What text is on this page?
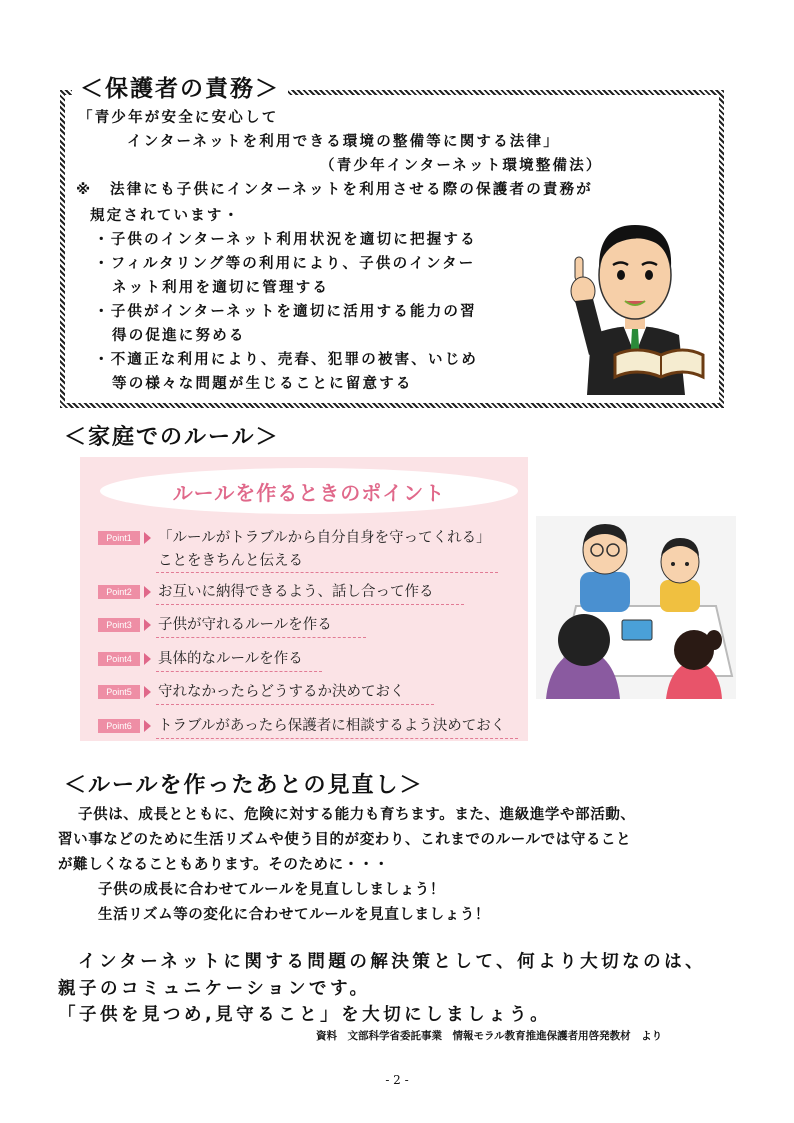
＜保護者の責務＞
「青少年が安全に安心して
インターネットを利用できる環境の整備等に関する法律」
（青少年インターネット環境整備法）
※ 法律にも子供にインターネットを利用させる際の保護者の責務が
規定されています・
・子供のインターネット利用状況を適切に把握する
・フィルタリング等の利用により、子供のインター
ネット利用を適切に管理する
・子供がインターネットを適切に活用する能力の習
得の促進に努める
・不適正な利用により、売春、犯罪の被害、いじめ
等の様々な問題が生じることに留意する
＜家庭でのルール＞
ルールを作るときのポイント
Point1	「ルールがトラブルから自分自身を守ってくれる」
ことをきちんと伝える
Point2	お互いに納得できるよう、話し合って作る
Point3	子供が守れるルールを作る
Point4	具体的なルールを作る
Point5	守れなかったらどうするか決めておく
Point6	トラブルがあったら保護者に相談するよう決めておく
＜ルールを作ったあとの見直し＞
子供は、成長とともに、危険に対する能力も育ちます。また、進級進学や部活動、
習い事などのために生活リズムや使う目的が変わり、これまでのルールでは守ること
が難しくなることもあります。そのために・・・
子供の成長に合わせてルールを見直ししましょう！
生活リズム等の変化に合わせてルールを見直しましょう！
インターネットに関する問題の解決策として、何より大切なのは、
親子のコミュニケーションです。
「子供を見つめ,見守ること」を大切にしましょう。
資料　文部科学省委託事業　情報モラル教育推進保護者用啓発教材　より
- 2 -
